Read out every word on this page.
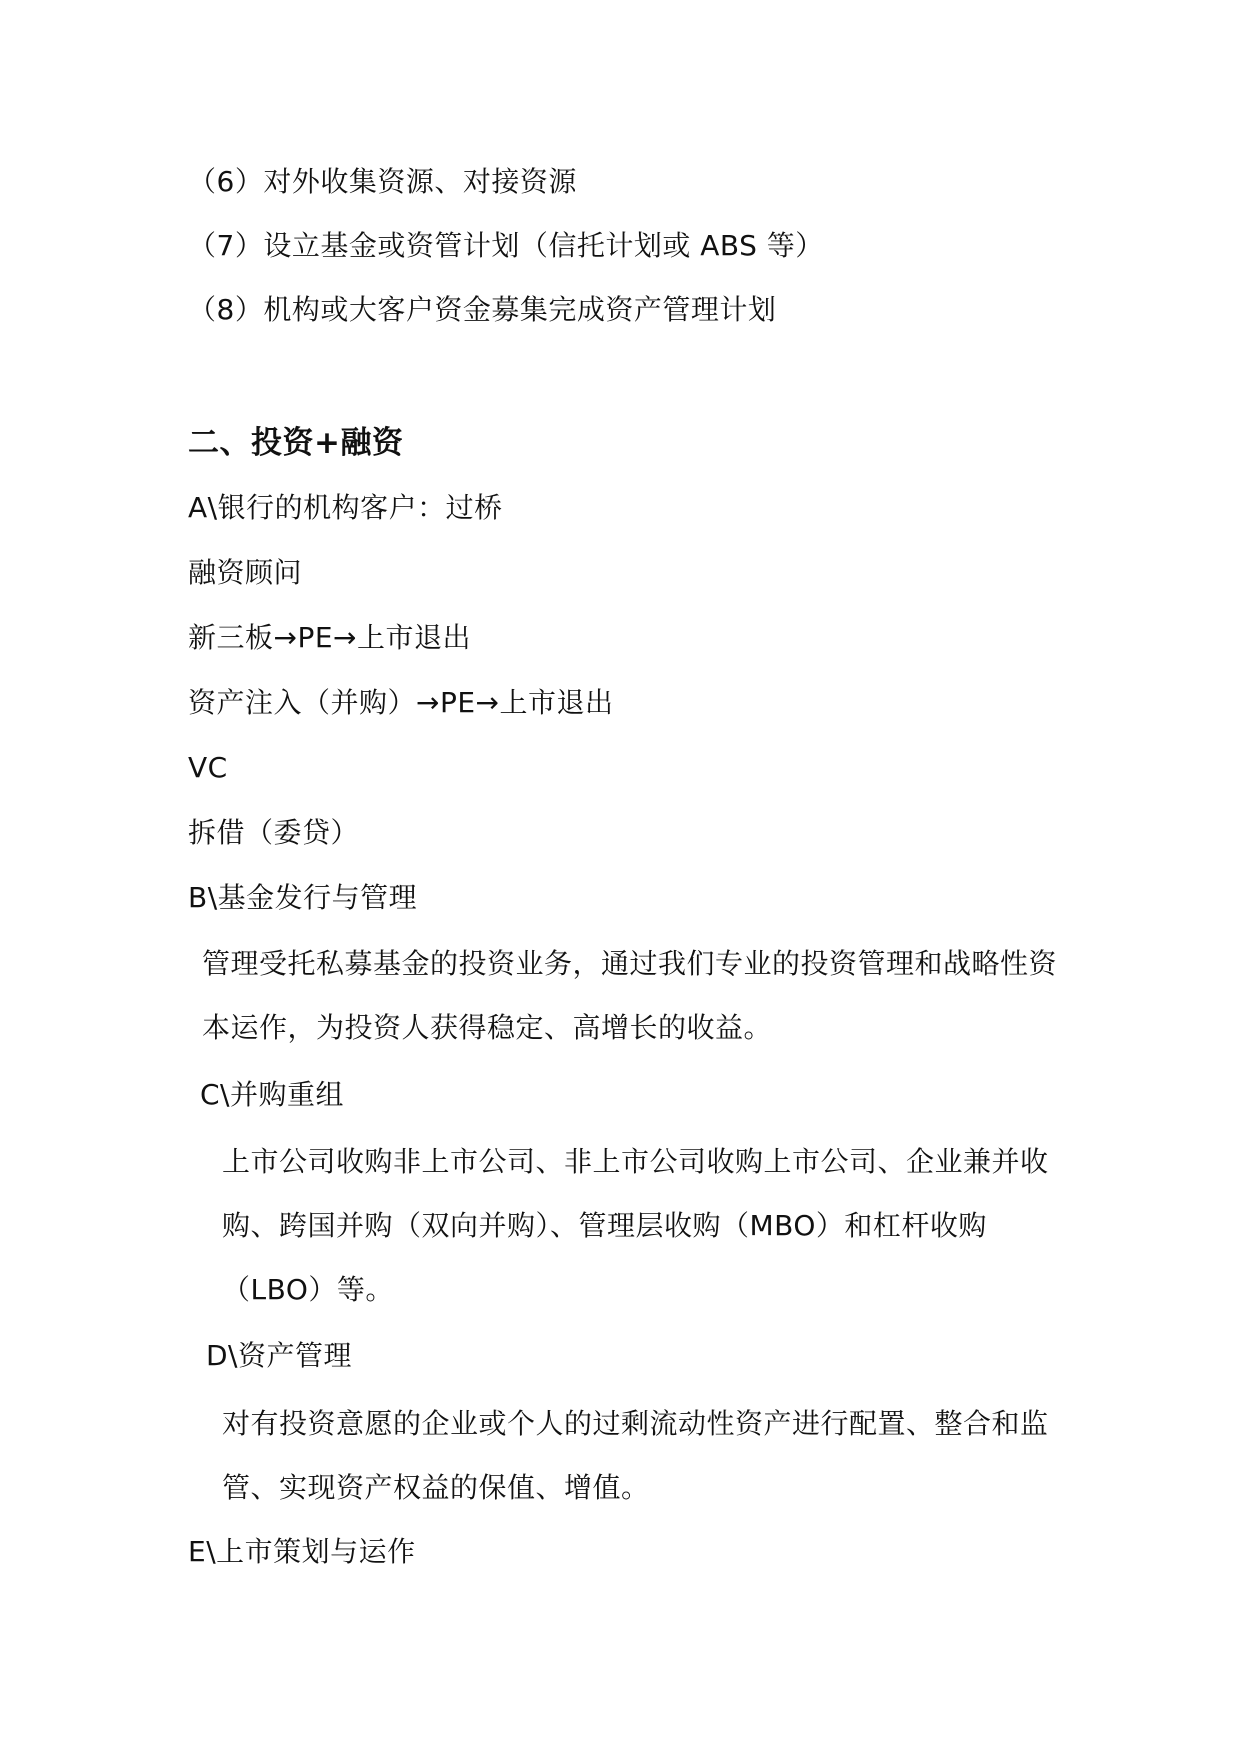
（6）对外收集资源、对接资源
（7）设立基金或资管计划（信托计划或 ABS 等）
（8）机构或大客户资金募集完成资产管理计划
二、投资+融资
A\银行的机构客户：过桥
融资顾问
新三板→PE→上市退出
资产注入（并购）→PE→上市退出
VC
拆借（委贷）
B\基金发行与管理
管理受托私募基金的投资业务，通过我们专业的投资管理和战略性资本运作，为投资人获得稳定、高增长的收益。
C\并购重组
上市公司收购非上市公司、非上市公司收购上市公司、企业兼并收购、跨国并购（双向并购）、管理层收购（MBO）和杠杆收购（LBO）等。
D\资产管理
对有投资意愿的企业或个人的过剩流动性资产进行配置、整合和监管、实现资产权益的保值、增值。
E\上市策划与运作
